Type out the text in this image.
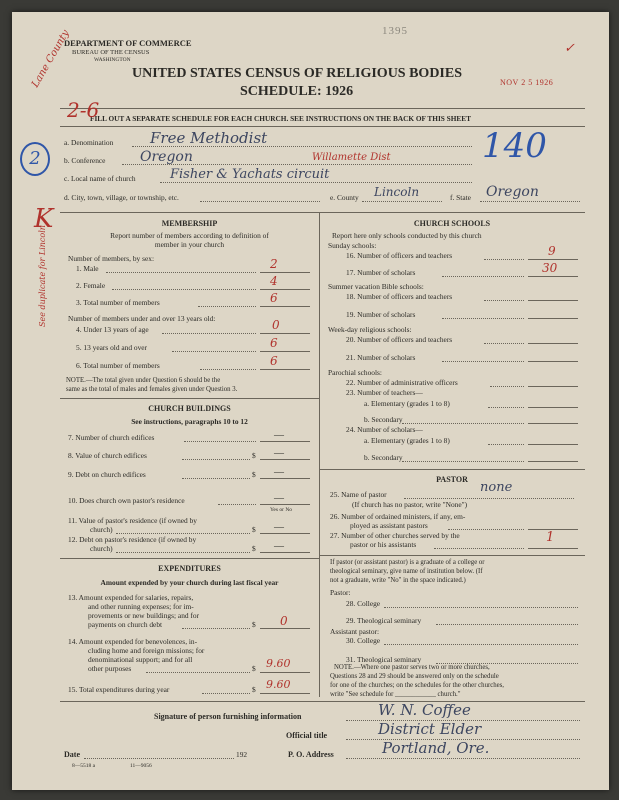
DEPARTMENT OF COMMERCE
BUREAU OF THE CENSUS
WASHINGTON
1395
UNITED STATES CENSUS OF RELIGIOUS BODIES
SCHEDULE: 1926
NOV 2 5 1926
✓
FILL OUT A SEPARATE SCHEDULE FOR EACH CHURCH. SEE INSTRUCTIONS ON THE BACK OF THIS SHEET
Lane County
2-6
2
K
See duplicate for Lincoln
140
a. Denomination Free Methodist
b. Conference Oregon	Willamette Dist
c. Local name of church	Fisher & Yachats circuit
d. City, town, village, or township, etc.	e. County Lincoln	f. State Oregon
MEMBERSHIP
Report number of members according to definition of
member in your church
Number of members, by sex:
1. Male	2
2. Female	4
3. Total number of members	6
Number of members under and over 13 years old:
4. Under 13 years of age	0
5. 13 years old and over	6
6. Total number of members	6
NOTE.—The total given under Question 6 should be the
same as the total of males and females given under Question 3.
CHURCH BUILDINGS
See instructions, paragraphs 10 to 12
7. Number of church edifices	—
8. Value of church edifices	$ —
9. Debt on church edifices	$ —
10. Does church own pastor's residence	—
Yes or No
11. Value of pastor's residence (if owned by
church)	$ —
12. Debt on pastor's residence (if owned by
church)	$ —
EXPENDITURES
Amount expended by your church during last fiscal year
13. Amount expended for salaries, repairs,
and other running expenses; for im-
provements or new buildings; and for
payments on church debt	$ 0
14. Amount expended for benevolences, in-
cluding home and foreign missions; for
denominational support; and for all
other purposes	$ 9.60
15. Total expenditures during year	$ 9.60
CHURCH SCHOOLS
Report here only schools conducted by this church
Sunday schools:
16. Number of officers and teachers	9
17. Number of scholars	30
Summer vacation Bible schools:
18. Number of officers and teachers
19. Number of scholars
Week-day religious schools:
20. Number of officers and teachers
21. Number of scholars
Parochial schools:
22. Number of administrative officers
23. Number of teachers—
a. Elementary (grades 1 to 8)
b. Secondary
24. Number of scholars—
a. Elementary (grades 1 to 8)
b. Secondary
PASTOR
25. Name of pastor	none
(If church has no pastor, write "None")
26. Number of ordained ministers, if any, em-
ployed as assistant pastors
27. Number of other churches served by the
pastor or his assistants	1
If pastor (or assistant pastor) is a graduate of a college or
theological seminary, give name of institution below. (If
not a graduate, write "No" in the space indicated.)
Pastor:
28. College
29. Theological seminary
Assistant pastor:
30. College
31. Theological seminary
NOTE.—Where one pastor serves two or more churches,
Questions 28 and 29 should be answered only on the schedule
for one of the churches; on the schedules for the other churches,
write "See schedule for ____________ church."
Signature of person furnishing information	W. N. Coffee
Official title	District Elder
Date	192	P. O. Address	Portland, Ore.
8—5518 a	11—9056
